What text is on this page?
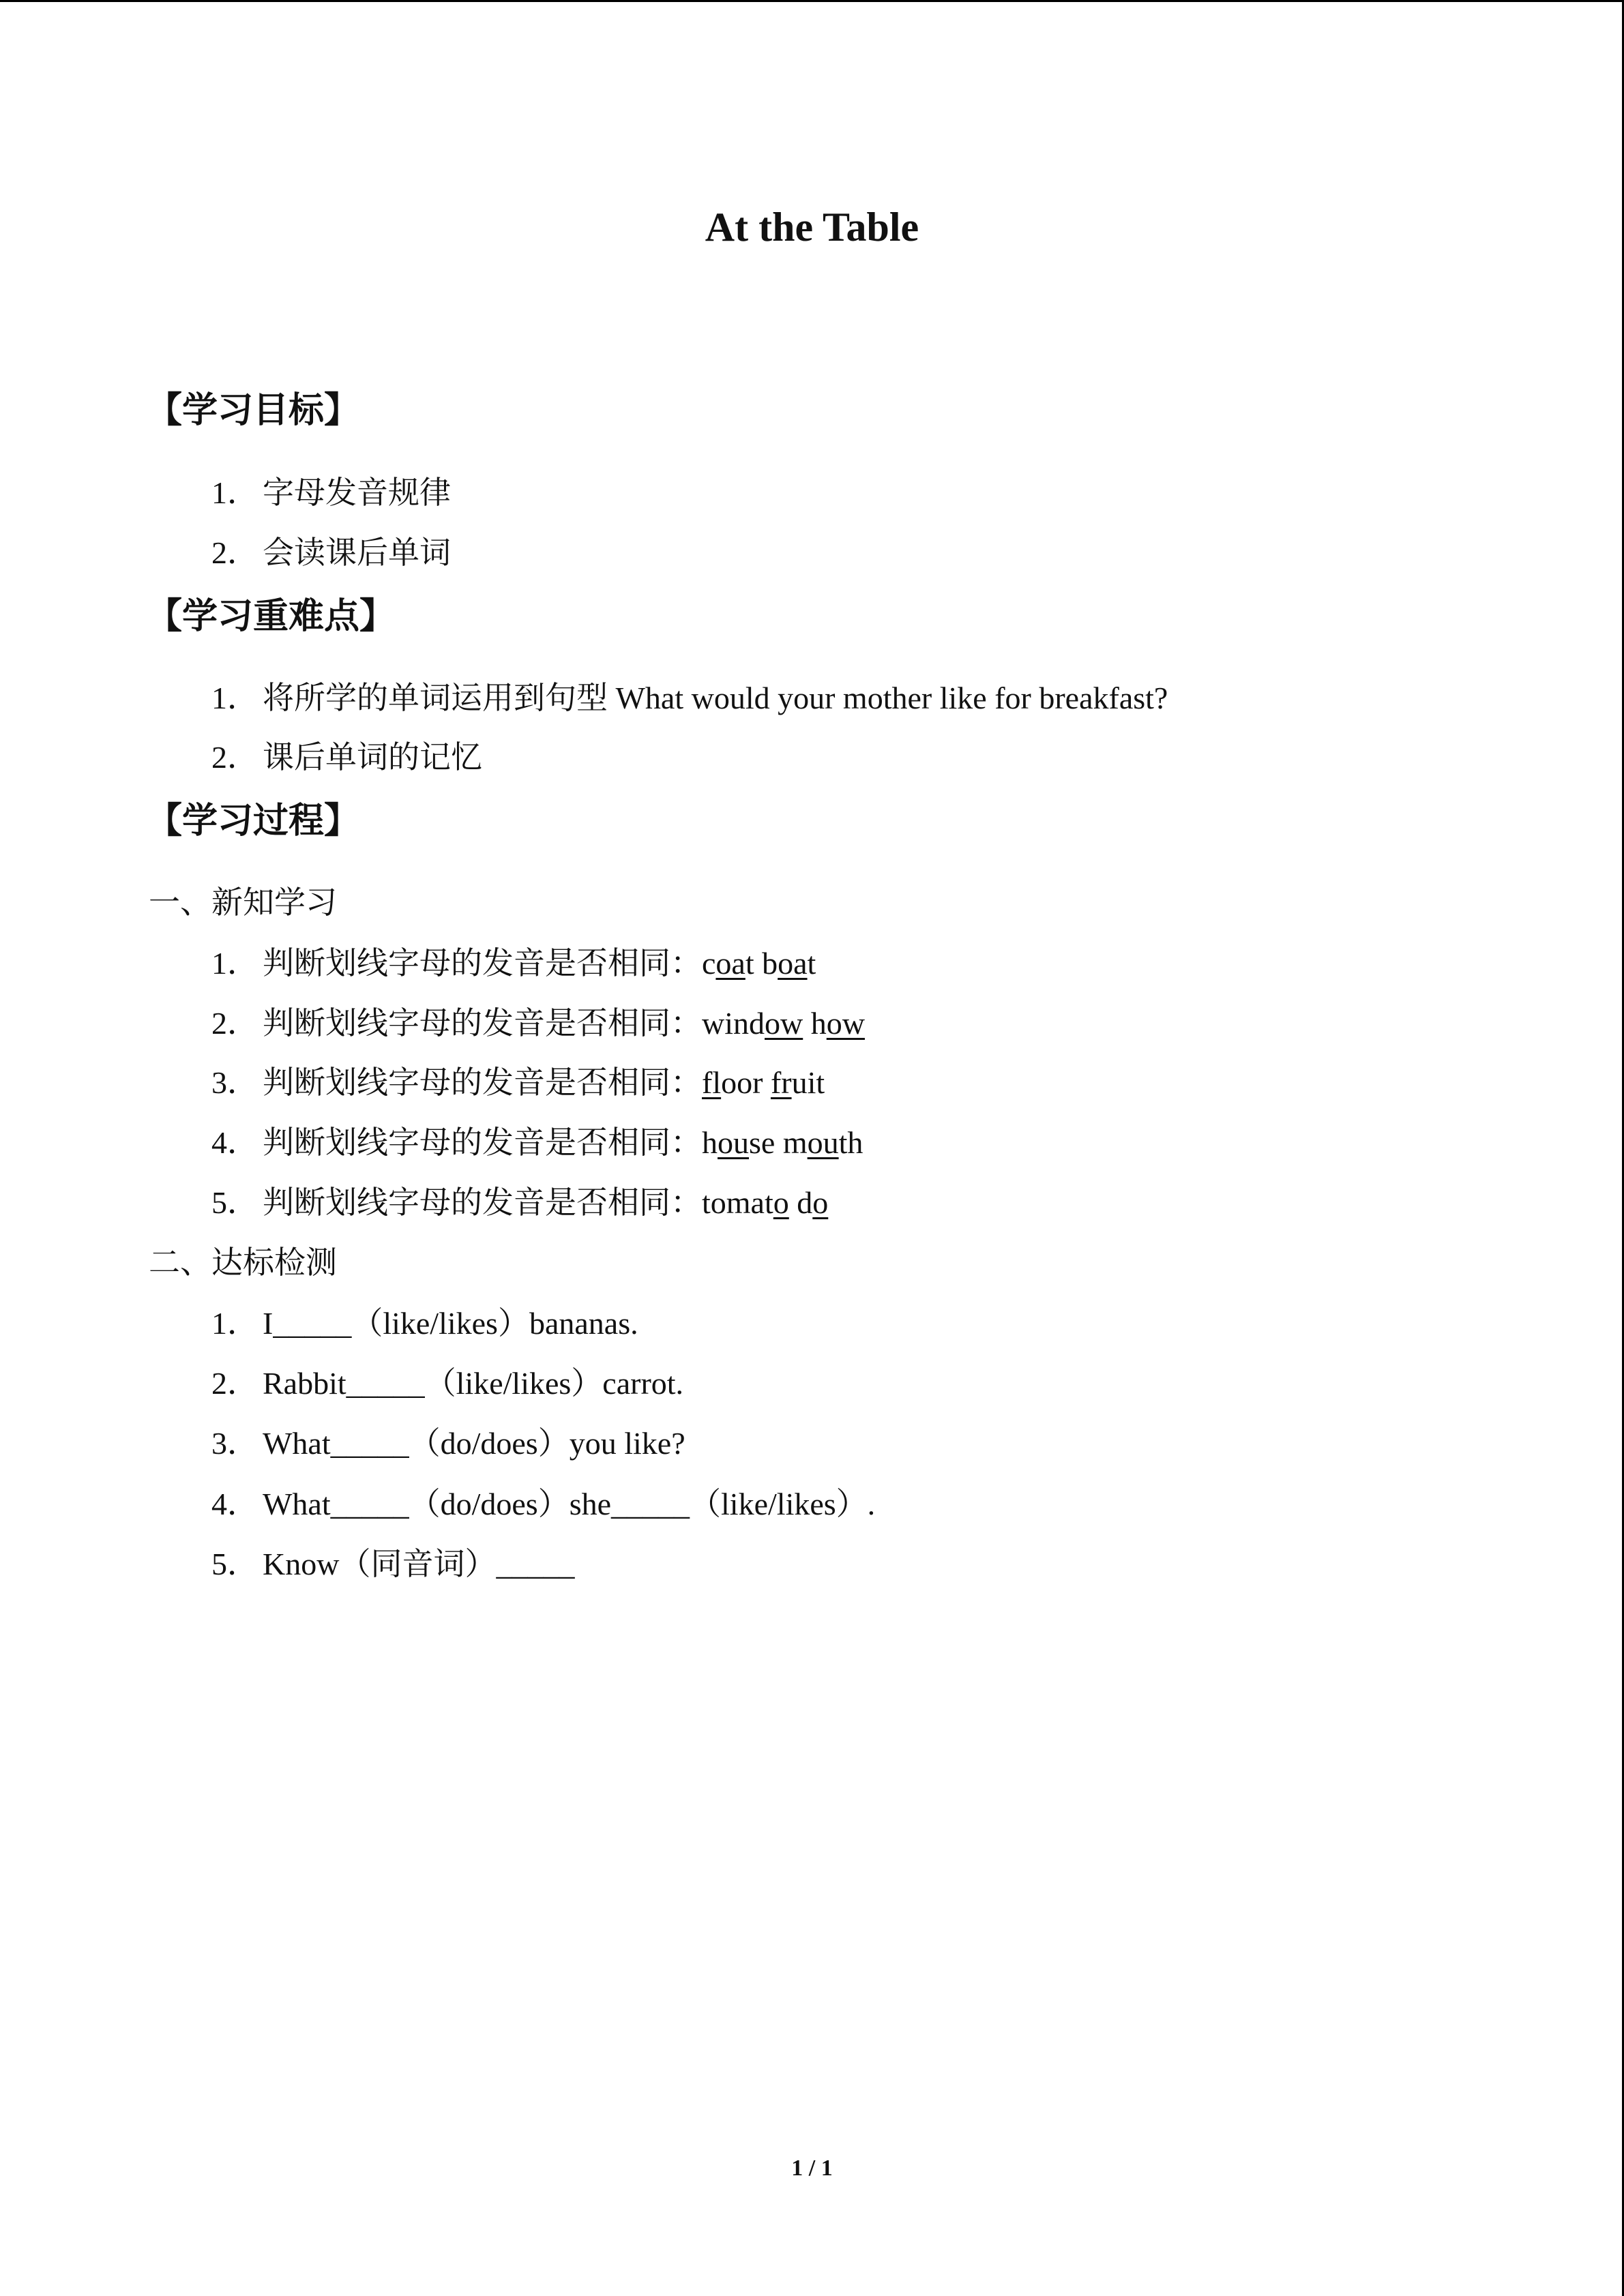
At the Table
【学习目标】
1． 字母发音规律
2． 会读课后单词
【学习重难点】
1． 将所学的单词运用到句型 What would your mother like for breakfast?
2． 课后单词的记忆
【学习过程】
一、新知学习
1． 判断划线字母的发音是否相同：coat boat
2． 判断划线字母的发音是否相同：window how
3． 判断划线字母的发音是否相同：floor fruit
4． 判断划线字母的发音是否相同：house mouth
5． 判断划线字母的发音是否相同：tomato do
二、达标检测
1． I_____（like/likes）bananas.
2． Rabbit_____（like/likes）carrot.
3． What_____（do/does）you like?
4． What_____（do/does）she_____（like/likes）.
5． Know（同音词）_____
1 / 1
